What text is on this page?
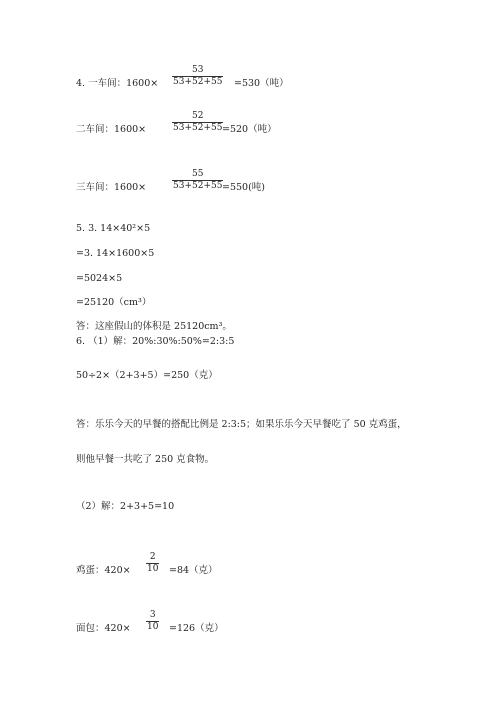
4. 一车间：1600×
53
53+52+55 =530（吨）
二车间：1600×
52
53+52+55 =520（吨）
三车间：1600×
55
53+52+55 =550(吨)
5. 3. 14×40²×5
=3. 14×1600×5
=5024×5
=25120（cm³）
答：这座假山的体积是 25120cm³。
6. （1）解：20%:30%:50%=2:3:5
50÷2×（2+3+5）=250（克）
答：乐乐今天的早餐的搭配比例是 2:3:5；如果乐乐今天早餐吃了 50 克鸡蛋，
则他早餐一共吃了 250 克食物。
（2）解：2+3+5=10
鸡蛋：420×
2
10 =84（克）
面包：420×
3
10 =126（克）
